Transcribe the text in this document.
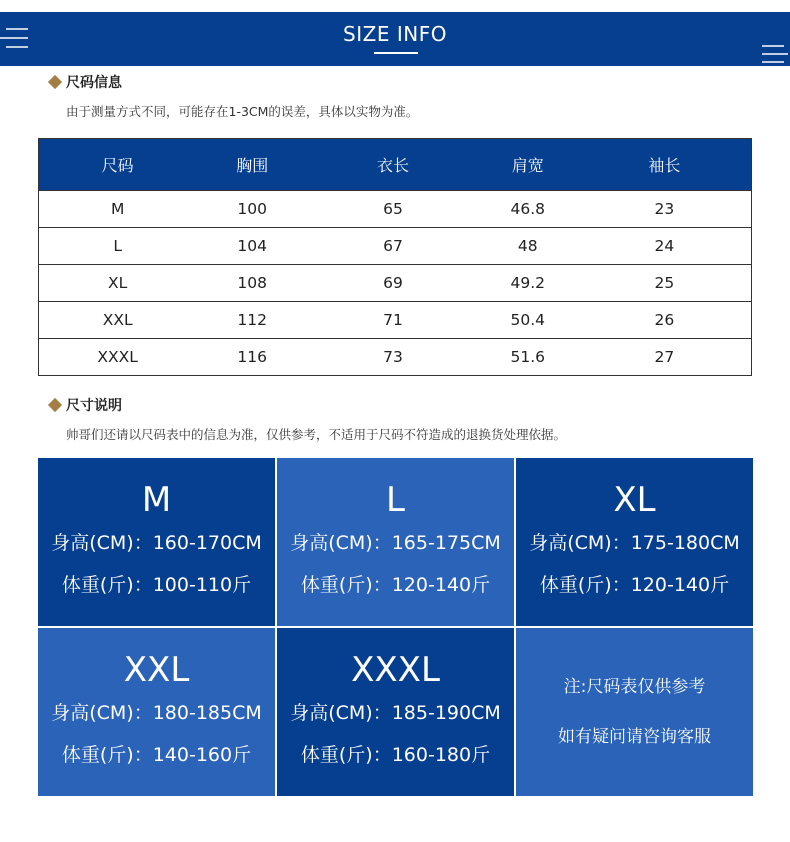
SIZE INFO
尺码信息
由于测量方式不同，可能存在1-3CM的误差，具体以实物为准。
尺码	胸围	衣长	肩宽	袖长
M	100	65	46.8	23
L	104	67	48	24
XL	108	69	49.2	25
XXL	112	71	50.4	26
XXXL	116	73	51.6	27
尺寸说明
帅哥们还请以尺码表中的信息为准，仅供参考，不适用于尺码不符造成的退换货处理依据。
M
身高(CM)：160-170CM
体重(斤)：100-110斤
L
身高(CM)：165-175CM
体重(斤)：120-140斤
XL
身高(CM)：175-180CM
体重(斤)：120-140斤
XXL
身高(CM)：180-185CM
体重(斤)：140-160斤
XXXL
身高(CM)：185-190CM
体重(斤)：160-180斤
注:尺码表仅供参考
如有疑问请咨询客服
